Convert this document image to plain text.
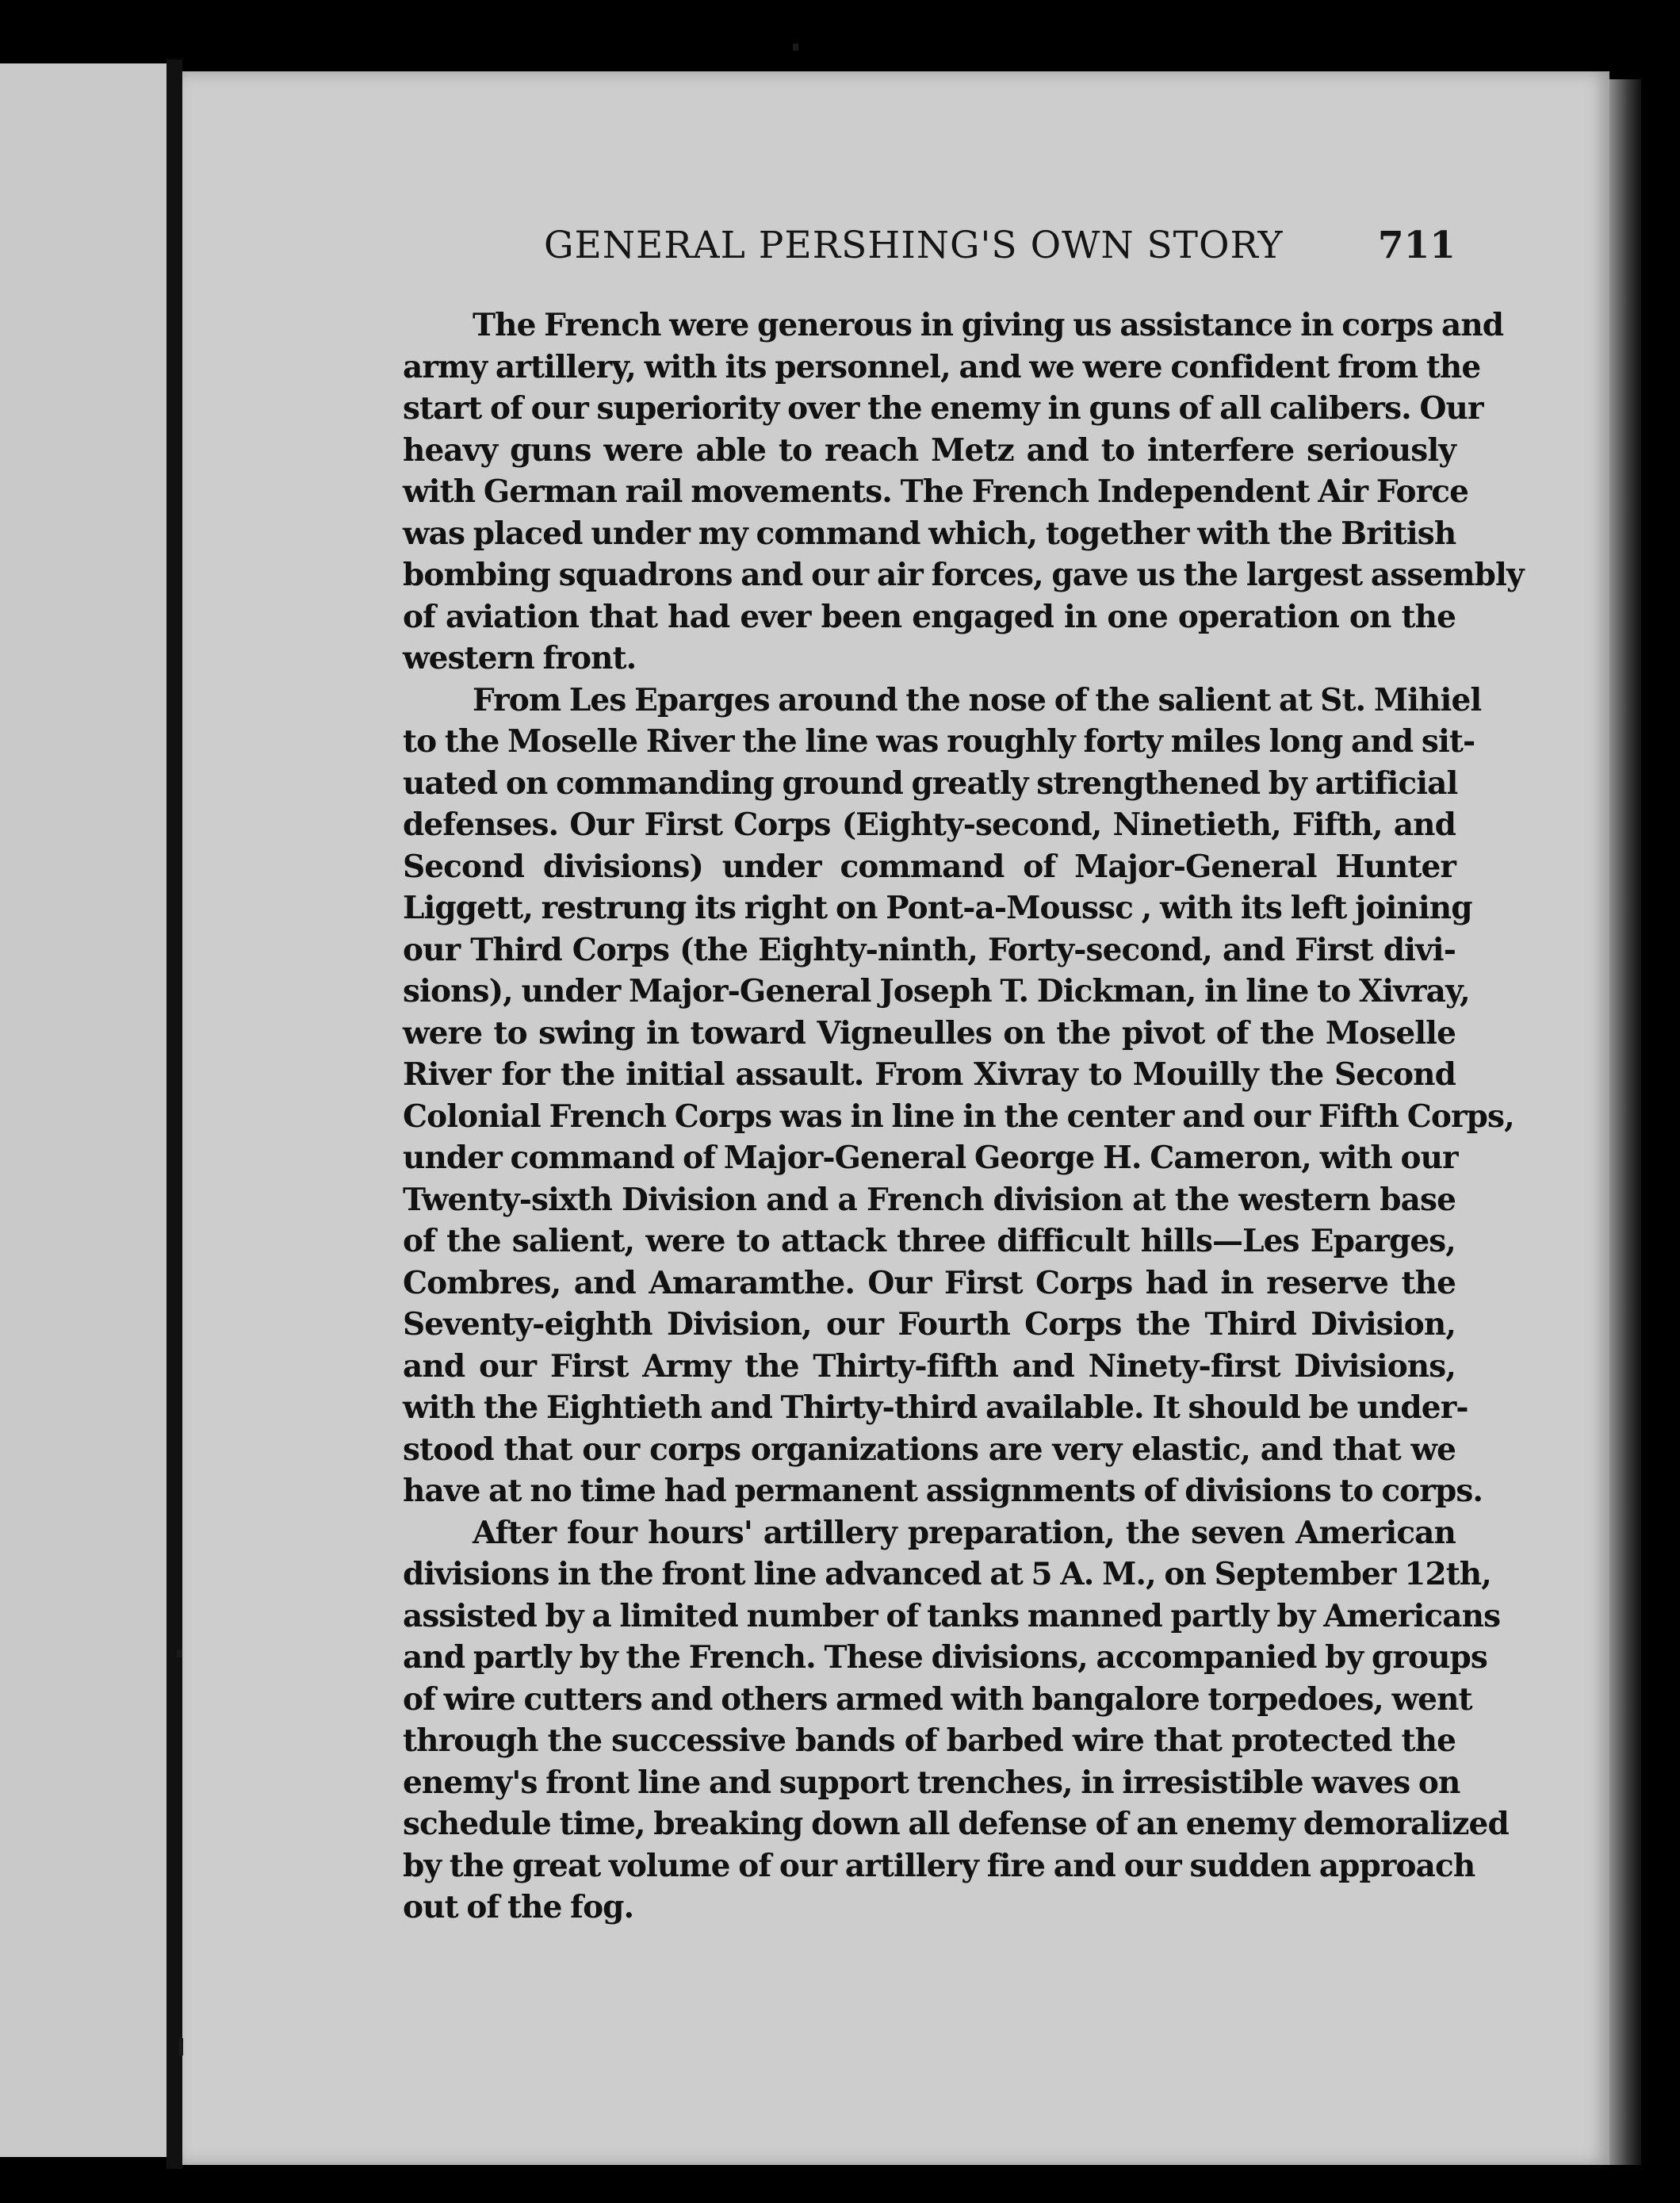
GENERAL PERSHING'S OWN STORY	711
The French were generous in giving us assistance in corps and
army artillery, with its personnel, and we were confident from the
start of our superiority over the enemy in guns of all calibers. Our
heavy guns were able to reach Metz and to interfere seriously
with German rail movements. The French Independent Air Force
was placed under my command which, together with the British
bombing squadrons and our air forces, gave us the largest assembly
of aviation that had ever been engaged in one operation on the
western front.
From Les Eparges around the nose of the salient at St. Mihiel
to the Moselle River the line was roughly forty miles long and sit-
uated on commanding ground greatly strengthened by artificial
defenses. Our First Corps (Eighty-second, Ninetieth, Fifth, and
Second divisions) under command of Major-General Hunter
Liggett, restrung its right on Pont-a-Moussc , with its left joining
our Third Corps (the Eighty-ninth, Forty-second, and First divi-
sions), under Major-General Joseph T. Dickman, in line to Xivray,
were to swing in toward Vigneulles on the pivot of the Moselle
River for the initial assault. From Xivray to Mouilly the Second
Colonial French Corps was in line in the center and our Fifth Corps,
under command of Major-General George H. Cameron, with our
Twenty-sixth Division and a French division at the western base
of the salient, were to attack three difficult hills—Les Eparges,
Combres, and Amaramthe. Our First Corps had in reserve the
Seventy-eighth Division, our Fourth Corps the Third Division,
and our First Army the Thirty-fifth and Ninety-first Divisions,
with the Eightieth and Thirty-third available. It should be under-
stood that our corps organizations are very elastic, and that we
have at no time had permanent assignments of divisions to corps.
After four hours' artillery preparation, the seven American
divisions in the front line advanced at 5 A. M., on September 12th,
assisted by a limited number of tanks manned partly by Americans
and partly by the French. These divisions, accompanied by groups
of wire cutters and others armed with bangalore torpedoes, went
through the successive bands of barbed wire that protected the
enemy's front line and support trenches, in irresistible waves on
schedule time, breaking down all defense of an enemy demoralized
by the great volume of our artillery fire and our sudden approach
out of the fog.
